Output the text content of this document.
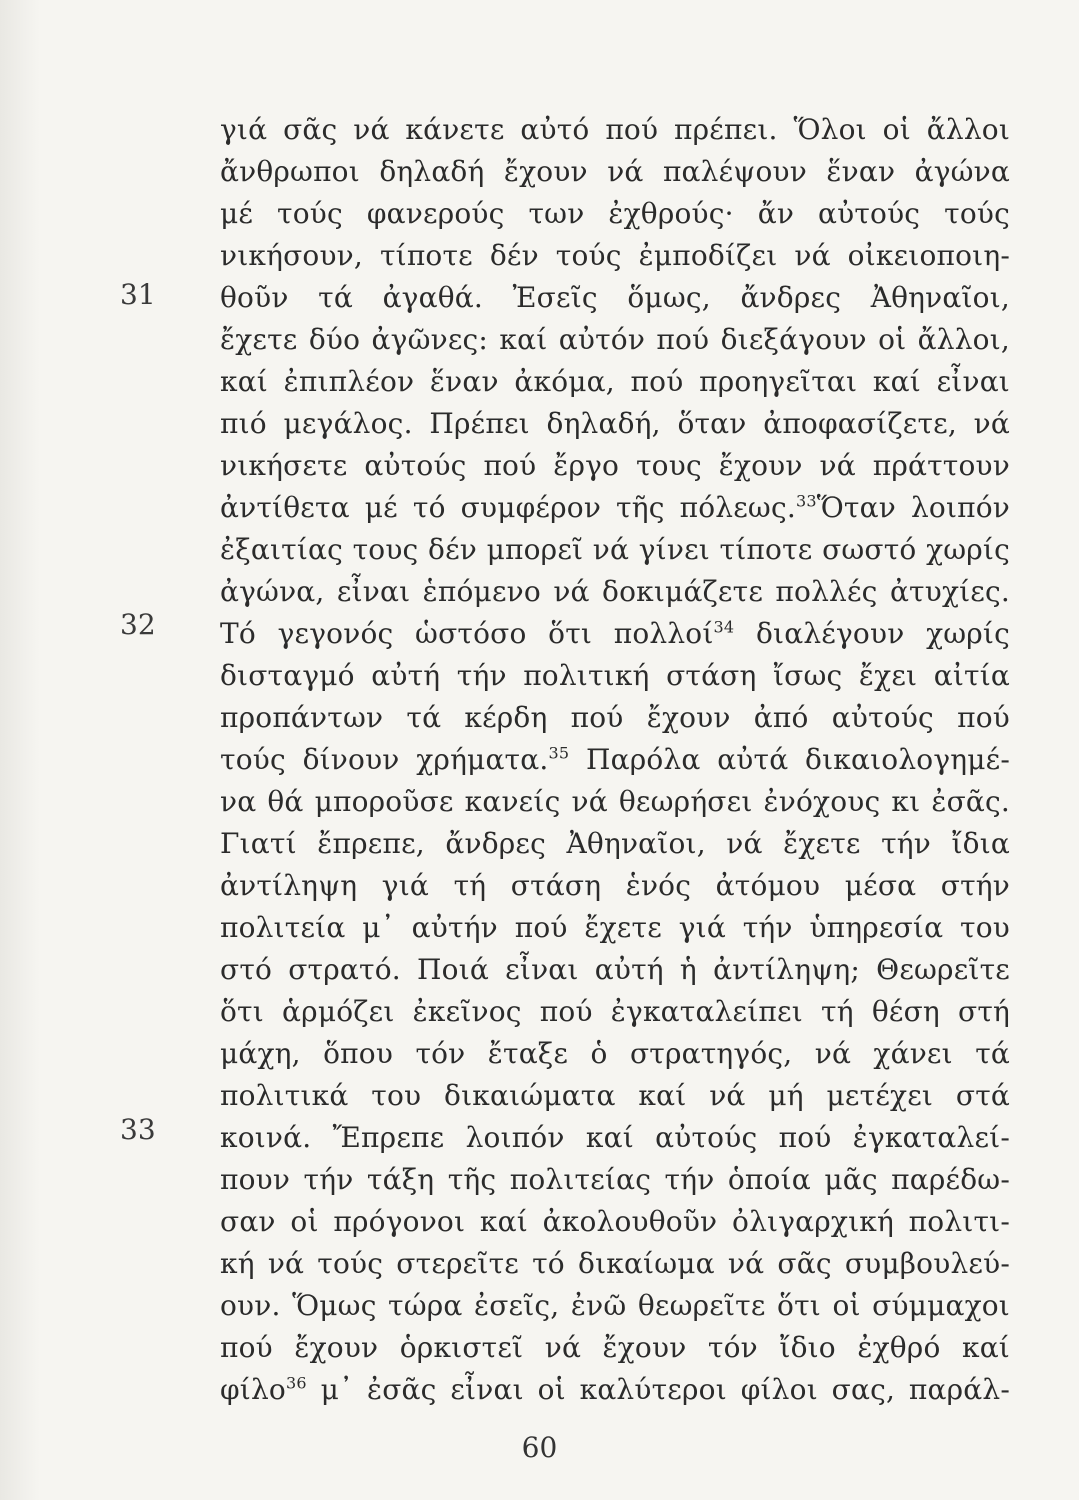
31
32
33
γιά σᾶς νά κάνετε αὐτό πού πρέπει. Ὅλοι οἱ ἄλλοι
ἄνθρωποι δηλαδή ἔχουν νά παλέψουν ἕναν ἀγώνα
μέ τούς φανερούς των ἐχθρούς· ἄν αὐτούς τούς
νικήσουν, τίποτε δέν τούς ἐμποδίζει νά οἰκειοποιη-
θοῦν τά ἀγαθά. Ἐσεῖς ὅμως, ἄνδρες Ἀθηναῖοι,
ἔχετε δύο ἀγῶνες: καί αὐτόν πού διεξάγουν οἱ ἄλλοι,
καί ἐπιπλέον ἕναν ἀκόμα, πού προηγεῖται καί εἶναι
πιό μεγάλος. Πρέπει δηλαδή, ὅταν ἀποφασίζετε, νά
νικήσετε αὐτούς πού ἔργο τους ἔχουν νά πράττουν
ἀντίθετα μέ τό συμφέρον τῆς πόλεως.$^{33}$Ὅταν λοιπόν
ἐξαιτίας τους δέν μπορεῖ νά γίνει τίποτε σωστό χωρίς
ἀγώνα, εἶναι ἑπόμενο νά δοκιμάζετε πολλές ἀτυχίες.
Τό γεγονός ὡστόσο ὅτι πολλοί$^{34}$ διαλέγουν χωρίς
δισταγμό αὐτή τήν πολιτική στάση ἴσως ἔχει αἰτία
προπάντων τά κέρδη πού ἔχουν ἀπό αὐτούς πού
τούς δίνουν χρήματα.$^{35}$ Παρόλα αὐτά δικαιολογημέ-
να θά μποροῦσε κανείς νά θεωρήσει ἐνόχους κι ἐσᾶς.
Γιατί ἔπρεπε, ἄνδρες Ἀθηναῖοι, νά ἔχετε τήν ἴδια
ἀντίληψη γιά τή στάση ἑνός ἀτόμου μέσα στήν
πολιτεία μ᾽ αὐτήν πού ἔχετε γιά τήν ὑπηρεσία του
στό στρατό. Ποιά εἶναι αὐτή ἡ ἀντίληψη; Θεωρεῖτε
ὅτι ἁρμόζει ἐκεῖνος πού ἐγκαταλείπει τή θέση στή
μάχη, ὅπου τόν ἔταξε ὁ στρατηγός, νά χάνει τά
πολιτικά του δικαιώματα καί νά μή μετέχει στά
κοινά. Ἔπρεπε λοιπόν καί αὐτούς πού ἐγκαταλεί-
πουν τήν τάξη τῆς πολιτείας τήν ὁποία μᾶς παρέδω-
σαν οἱ πρόγονοι καί ἀκολουθοῦν ὀλιγαρχική πολιτι-
κή νά τούς στερεῖτε τό δικαίωμα νά σᾶς συμβουλεύ-
ουν. Ὅμως τώρα ἐσεῖς, ἐνῶ θεωρεῖτε ὅτι οἱ σύμμαχοι
πού ἔχουν ὁρκιστεῖ νά ἔχουν τόν ἴδιο ἐχθρό καί
φίλο$^{36}$ μ᾽ ἐσᾶς εἶναι οἱ καλύτεροι φίλοι σας, παράλ-
60
